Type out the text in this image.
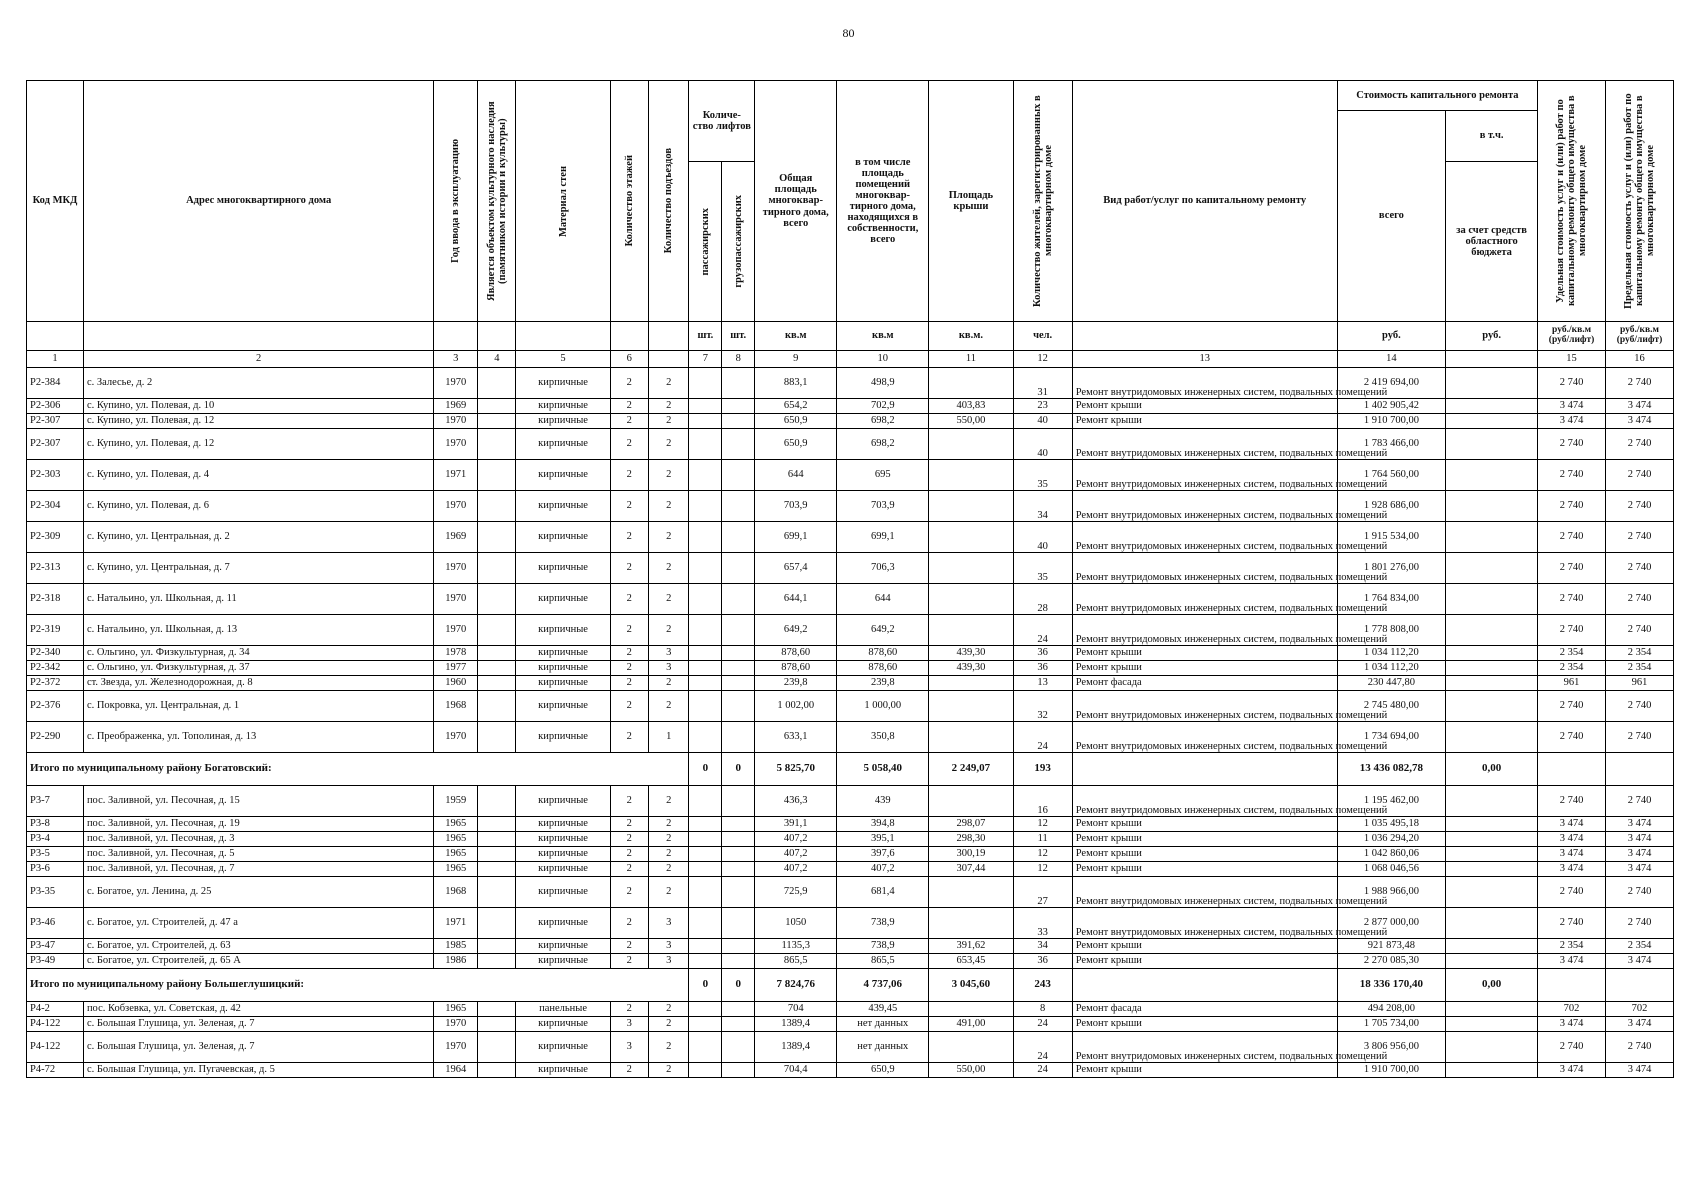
80
Код МКД	Адрес многоквартирного дома	Год ввода в эксплуатацию	Является объектом культурного наследия (памятником истории и культуры)	Материал стен	Количество этажей	Количество подъездов	Количе-ство лифтов		Общая площадь многоквар-тирного дома, всего	в том числе площадь помещений многоквар-тирного дома, находящихся в собственности, всего	Площадь крыши	Количество жителей, зарегистрированных в многоквартирном доме	Вид работ/услуг по капитальному ремонту	Стоимость капитального ремонта		Удельная стоимость услуг и (или) работ по капитальному ремонту общего имущества в многоквартирном доме	Предельная стоимость услуг и (или) работ по капитальному ремонту общего имущества в многоквартирном доме

														всего	в т.ч.		

							пассажирских	грузопассажирских							за счет средств областного бюджета		
							шт.	шт.	кв.м	кв.м	кв.м.	чел.		руб.	руб.	руб./кв.м (руб/лифт)	руб./кв.м (руб/лифт)
1	2	3	4	5	6		7	8	9	10	11	12	13	14		15	16
Р2-384	с. Залесье, д. 2	1970		кирпичные	2	2			883,1	498,9		31	Ремонт внутридомовых инженерных систем, подвальных помещений	2 419 694,00		2 740	2 740
Р2-306	с. Купино, ул. Полевая, д. 10	1969		кирпичные	2	2			654,2	702,9	403,83	23	Ремонт крыши	1 402 905,42		3 474	3 474
Р2-307	с. Купино, ул. Полевая, д. 12	1970		кирпичные	2	2			650,9	698,2	550,00	40	Ремонт крыши	1 910 700,00		3 474	3 474
Р2-307	с. Купино, ул. Полевая, д. 12	1970		кирпичные	2	2			650,9	698,2		40	Ремонт внутридомовых инженерных систем, подвальных помещений	1 783 466,00		2 740	2 740
Р2-303	с. Купино, ул. Полевая, д. 4	1971		кирпичные	2	2			644	695		35	Ремонт внутридомовых инженерных систем, подвальных помещений	1 764 560,00		2 740	2 740
Р2-304	с. Купино, ул. Полевая, д. 6	1970		кирпичные	2	2			703,9	703,9		34	Ремонт внутридомовых инженерных систем, подвальных помещений	1 928 686,00		2 740	2 740
Р2-309	с. Купино, ул. Центральная, д. 2	1969		кирпичные	2	2			699,1	699,1		40	Ремонт внутридомовых инженерных систем, подвальных помещений	1 915 534,00		2 740	2 740
Р2-313	с. Купино, ул. Центральная, д. 7	1970		кирпичные	2	2			657,4	706,3		35	Ремонт внутридомовых инженерных систем, подвальных помещений	1 801 276,00		2 740	2 740
Р2-318	с. Натальино, ул. Школьная, д. 11	1970		кирпичные	2	2			644,1	644		28	Ремонт внутридомовых инженерных систем, подвальных помещений	1 764 834,00		2 740	2 740
Р2-319	с. Натальино, ул. Школьная, д. 13	1970		кирпичные	2	2			649,2	649,2		24	Ремонт внутридомовых инженерных систем, подвальных помещений	1 778 808,00		2 740	2 740
Р2-340	с. Ольгино, ул. Физкультурная, д. 34	1978		кирпичные	2	3			878,60	878,60	439,30	36	Ремонт крыши	1 034 112,20		2 354	2 354
Р2-342	с. Ольгино, ул. Физкультурная, д. 37	1977		кирпичные	2	3			878,60	878,60	439,30	36	Ремонт крыши	1 034 112,20		2 354	2 354
Р2-372	ст. Звезда, ул. Железнодорожная, д. 8	1960		кирпичные	2	2			239,8	239,8		13	Ремонт фасада	230 447,80		961	961
Р2-376	с. Покровка, ул. Центральная, д. 1	1968		кирпичные	2	2			1 002,00	1 000,00		32	Ремонт внутридомовых инженерных систем, подвальных помещений	2 745 480,00		2 740	2 740
Р2-290	с. Преображенка, ул. Тополиная, д. 13	1970		кирпичные	2	1			633,1	350,8		24	Ремонт внутридомовых инженерных систем, подвальных помещений	1 734 694,00		2 740	2 740
Итого по муниципальному району Богатовский:							0	0	5 825,70	5 058,40	2 249,07	193		13 436 082,78	0,00		
Р3-7	пос. Заливной, ул. Песочная, д. 15	1959		кирпичные	2	2			436,3	439		16	Ремонт внутридомовых инженерных систем, подвальных помещений	1 195 462,00		2 740	2 740
Р3-8	пос. Заливной, ул. Песочная, д. 19	1965		кирпичные	2	2			391,1	394,8	298,07	12	Ремонт крыши	1 035 495,18		3 474	3 474
Р3-4	пос. Заливной, ул. Песочная, д. 3	1965		кирпичные	2	2			407,2	395,1	298,30	11	Ремонт крыши	1 036 294,20		3 474	3 474
Р3-5	пос. Заливной, ул. Песочная, д. 5	1965		кирпичные	2	2			407,2	397,6	300,19	12	Ремонт крыши	1 042 860,06		3 474	3 474
Р3-6	пос. Заливной, ул. Песочная, д. 7	1965		кирпичные	2	2			407,2	407,2	307,44	12	Ремонт крыши	1 068 046,56		3 474	3 474
Р3-35	с. Богатое, ул. Ленина, д. 25	1968		кирпичные	2	2			725,9	681,4		27	Ремонт внутридомовых инженерных систем, подвальных помещений	1 988 966,00		2 740	2 740
Р3-46	с. Богатое, ул. Строителей, д. 47 а	1971		кирпичные	2	3			1050	738,9		33	Ремонт внутридомовых инженерных систем, подвальных помещений	2 877 000,00		2 740	2 740
Р3-47	с. Богатое, ул. Строителей, д. 63	1985		кирпичные	2	3			1135,3	738,9	391,62	34	Ремонт крыши	921 873,48		2 354	2 354
Р3-49	с. Богатое, ул. Строителей, д. 65 А	1986		кирпичные	2	3			865,5	865,5	653,45	36	Ремонт крыши	2 270 085,30		3 474	3 474
Итого по муниципальному району Большеглушицкий:							0	0	7 824,76	4 737,06	3 045,60	243		18 336 170,40	0,00		
Р4-2	пос. Кобзевка, ул. Советская, д. 42	1965		панельные	2	2			704	439,45		8	Ремонт фасада	494 208,00		702	702
Р4-122	с. Большая Глушица, ул. Зеленая, д. 7	1970		кирпичные	3	2			1389,4	нет данных	491,00	24	Ремонт крыши	1 705 734,00		3 474	3 474
Р4-122	с. Большая Глушица, ул. Зеленая, д. 7	1970		кирпичные	3	2			1389,4	нет данных		24	Ремонт внутридомовых инженерных систем, подвальных помещений	3 806 956,00		2 740	2 740
Р4-72	с. Большая Глушица, ул. Пугачевская, д. 5	1964		кирпичные	2	2			704,4	650,9	550,00	24	Ремонт крыши	1 910 700,00		3 474	3 474
